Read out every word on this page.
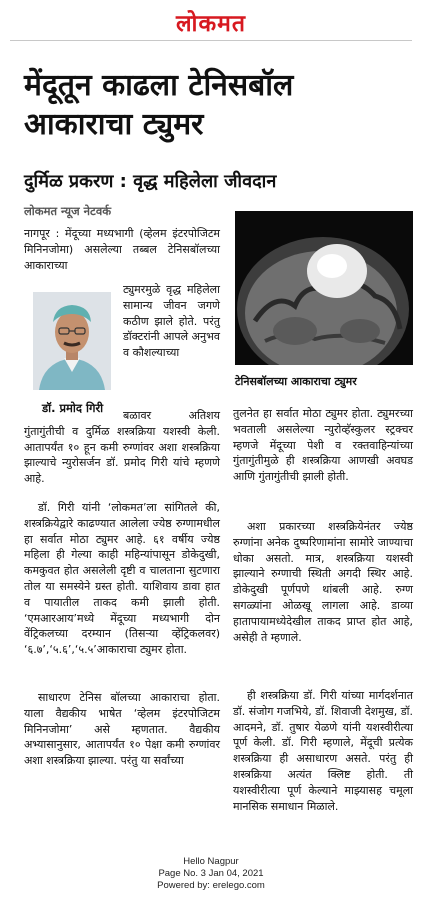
लोकमत
मेंदूतून काढला टेनिसबॉल आकाराचा ट्युमर
दुर्मिळ प्रकरण : वृद्ध महिलेला जीवदान
लोकमत न्यूज नेटवर्क
टेनिसबॉलच्या आकाराचा ट्युमर
डॉ. प्रमोद गिरी

नागपूर : मेंदूच्या मध्यभागी (व्हेलम इंटरपोजिटम मिनिनजोमा) असलेल्या तब्बल टेनिसबॉलच्या आकाराच्या

ट्युमरमुळे वृद्ध महिलेला सामान्य जीवन जगणे कठीण झाले होते. परंतु डॉक्टरांनी आपले अनुभव व कौशल्याच्या

बळावर अतिशय गुंतागुंतीची व दुर्मिळ शस्त्रक्रिया यशस्वी केली. आतापर्यंत १० हून कमी रुग्णांवर अशा शस्त्रक्रिया झाल्याचे न्युरोसर्जन डॉ. प्रमोद गिरी यांचे म्हणणे आहे.

डॉ. गिरी यांनी ‘लोकमत’ला सांगितले की, शस्त्रक्रियेद्वारे काढण्यात आलेला ज्येष्ठ रुग्णामधील हा सर्वात मोठा ट्युमर आहे. ६१ वर्षीय ज्येष्ठ महिला ही गेल्या काही महिन्यांपासून डोकेदुखी, कमकुवत होत असलेली दृष्टी व चालताना सुटणारा तोल या समस्येने ग्रस्त होती. याशिवाय डावा हात व पायातील ताकद कमी झाली होती. ‘एमआरआय’मध्ये मेंदूच्या मध्यभागी दोन वेंट्रिकलच्या दरम्यान (तिसऱ्या व्हेंट्रिकलवर) ‘६.७’,‘५.६’,‘५.५’आकाराचा ट्युमर होता.

साधारण टेनिस बॉलच्या आकाराचा होता. याला वैद्यकीय भाषेत ‘व्हेलम इंटरपोजिटम मिनिनजोमा’ असे म्हणतात. वैद्यकीय अभ्यासानुसार, आतापर्यंत १० पेक्षा कमी रुग्णांवर अशा शस्त्रक्रिया झाल्या. परंतु या सर्वांच्या

तुलनेत हा सर्वात मोठा ट्युमर होता. ट्युमरच्या भवताली असलेल्या न्युरोव्हॅस्कुलर स्ट्रक्चर म्हणजे मेंदूच्या पेशी व रक्तवाहिन्यांच्या गुंतागुंतीमुळे ही शस्त्रक्रिया आणखी अवघड आणि गुंतागुंतीची झाली होती.

अशा प्रकारच्या शस्त्रक्रियेनंतर ज्येष्ठ रुग्णांना अनेक दुष्परिणामांना सामोरे जाण्याचा धोका असतो. मात्र, शस्त्रक्रिया यशस्वी झाल्याने रुग्णाची स्थिती अगदी स्थिर आहे. डोकेदुखी पूर्णपणे थांबली आहे. रुग्ण सगळ्यांना ओळखू लागला आहे. डाव्या हातापायामध्येदेखील ताकद प्राप्त होत आहे, असेही ते म्हणाले.

ही शस्त्रक्रिया डॉ. गिरी यांच्या मार्गदर्शनात डॉ. संजोग गजभिये, डॉ. शिवाजी देशमुख, डॉ. आदमने, डॉ. तुषार येळणे यांनी यशस्वीरीत्या पूर्ण केली. डॉ. गिरी म्हणाले, मेंदूची प्रत्येक शस्त्रक्रिया ही असाधारण असते. परंतु ही शस्त्रक्रिया अत्यंत क्लिष्ट होती. ती यशस्वीरीत्या पूर्ण केल्याने माझ्यासह चमूला मानसिक समाधान मिळाले.

Hello Nagpur
Page No. 3 Jan 04, 2021
Powered by: erelego.com
